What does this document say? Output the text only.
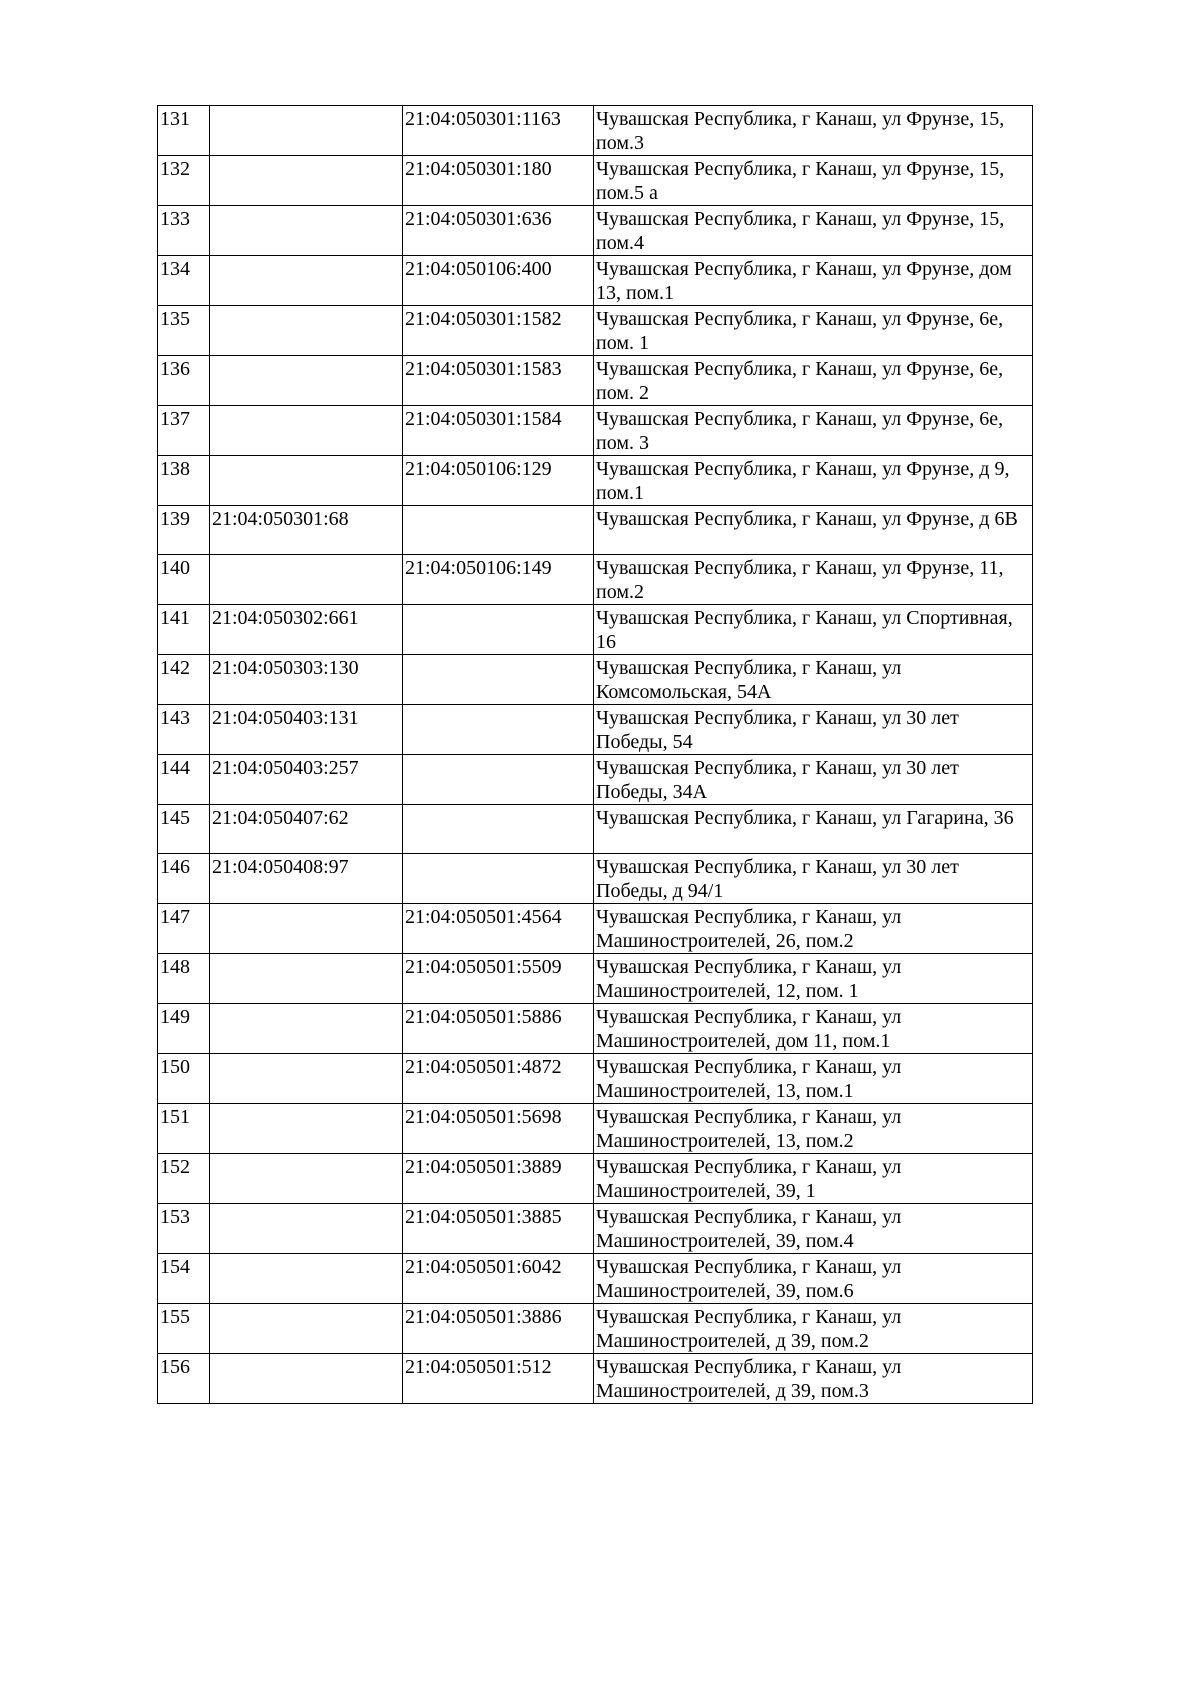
131		21:04:050301:1163	Чувашская Республика, г Канаш, ул Фрунзе, 15, пом.3
132		21:04:050301:180	Чувашская Республика, г Канаш, ул Фрунзе, 15, пом.5 а
133		21:04:050301:636	Чувашская Республика, г Канаш, ул Фрунзе, 15, пом.4
134		21:04:050106:400	Чувашская Республика, г Канаш, ул Фрунзе, дом 13, пом.1
135		21:04:050301:1582	Чувашская Республика, г Канаш, ул Фрунзе, 6е, пом. 1
136		21:04:050301:1583	Чувашская Республика, г Канаш, ул Фрунзе, 6е, пом. 2
137		21:04:050301:1584	Чувашская Республика, г Канаш, ул Фрунзе, 6е, пом. 3
138		21:04:050106:129	Чувашская Республика, г Канаш, ул Фрунзе, д 9, пом.1
139	21:04:050301:68		Чувашская Республика, г Канаш, ул Фрунзе, д 6В
140		21:04:050106:149	Чувашская Республика, г Канаш, ул Фрунзе, 11, пом.2
141	21:04:050302:661		Чувашская Республика, г Канаш, ул Спортивная, 16
142	21:04:050303:130		Чувашская Республика, г Канаш, ул Комсомольская, 54А
143	21:04:050403:131		Чувашская Республика, г Канаш, ул 30 лет Победы, 54
144	21:04:050403:257		Чувашская Республика, г Канаш, ул 30 лет Победы, 34А
145	21:04:050407:62		Чувашская Республика, г Канаш, ул Гагарина, 36
146	21:04:050408:97		Чувашская Республика, г Канаш, ул 30 лет Победы, д 94/1
147		21:04:050501:4564	Чувашская Республика, г Канаш, ул Машиностроителей, 26, пом.2
148		21:04:050501:5509	Чувашская Республика, г Канаш, ул Машиностроителей, 12, пом. 1
149		21:04:050501:5886	Чувашская Республика, г Канаш, ул Машиностроителей, дом 11, пом.1
150		21:04:050501:4872	Чувашская Республика, г Канаш, ул Машиностроителей, 13, пом.1
151		21:04:050501:5698	Чувашская Республика, г Канаш, ул Машиностроителей, 13, пом.2
152		21:04:050501:3889	Чувашская Республика, г Канаш, ул Машиностроителей, 39, 1
153		21:04:050501:3885	Чувашская Республика, г Канаш, ул Машиностроителей, 39, пом.4
154		21:04:050501:6042	Чувашская Республика, г Канаш, ул Машиностроителей, 39, пом.6
155		21:04:050501:3886	Чувашская Республика, г Канаш, ул Машиностроителей, д 39, пом.2
156		21:04:050501:512	Чувашская Республика, г Канаш, ул Машиностроителей, д 39, пом.3
